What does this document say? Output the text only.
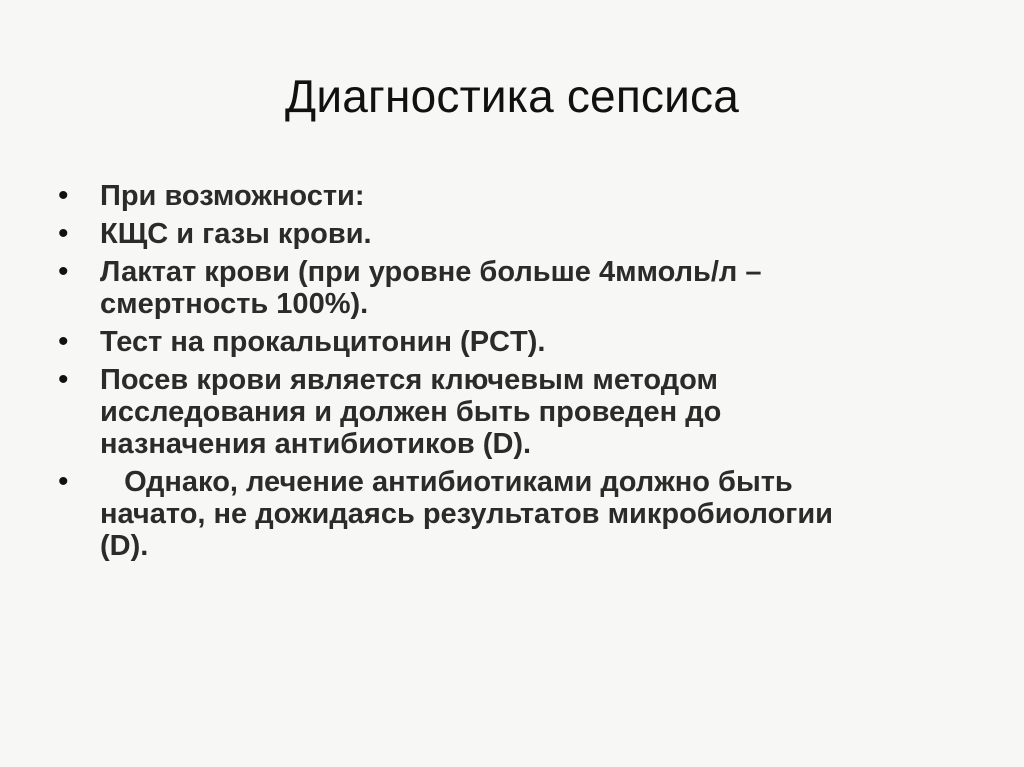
Диагностика сепсиса
•	При возможности:
•	КЩС и газы крови.
•	Лактат крови (при уровне больше 4ммоль/л –
смертность 100%).
•	Тест на прокальцитонин (PCT).
•	Посев крови является ключевым методом
исследования и должен быть проведен до
назначения антибиотиков (D).
•	Однако, лечение антибиотиками должно быть
начато, не дожидаясь результатов микробиологии
(D).
